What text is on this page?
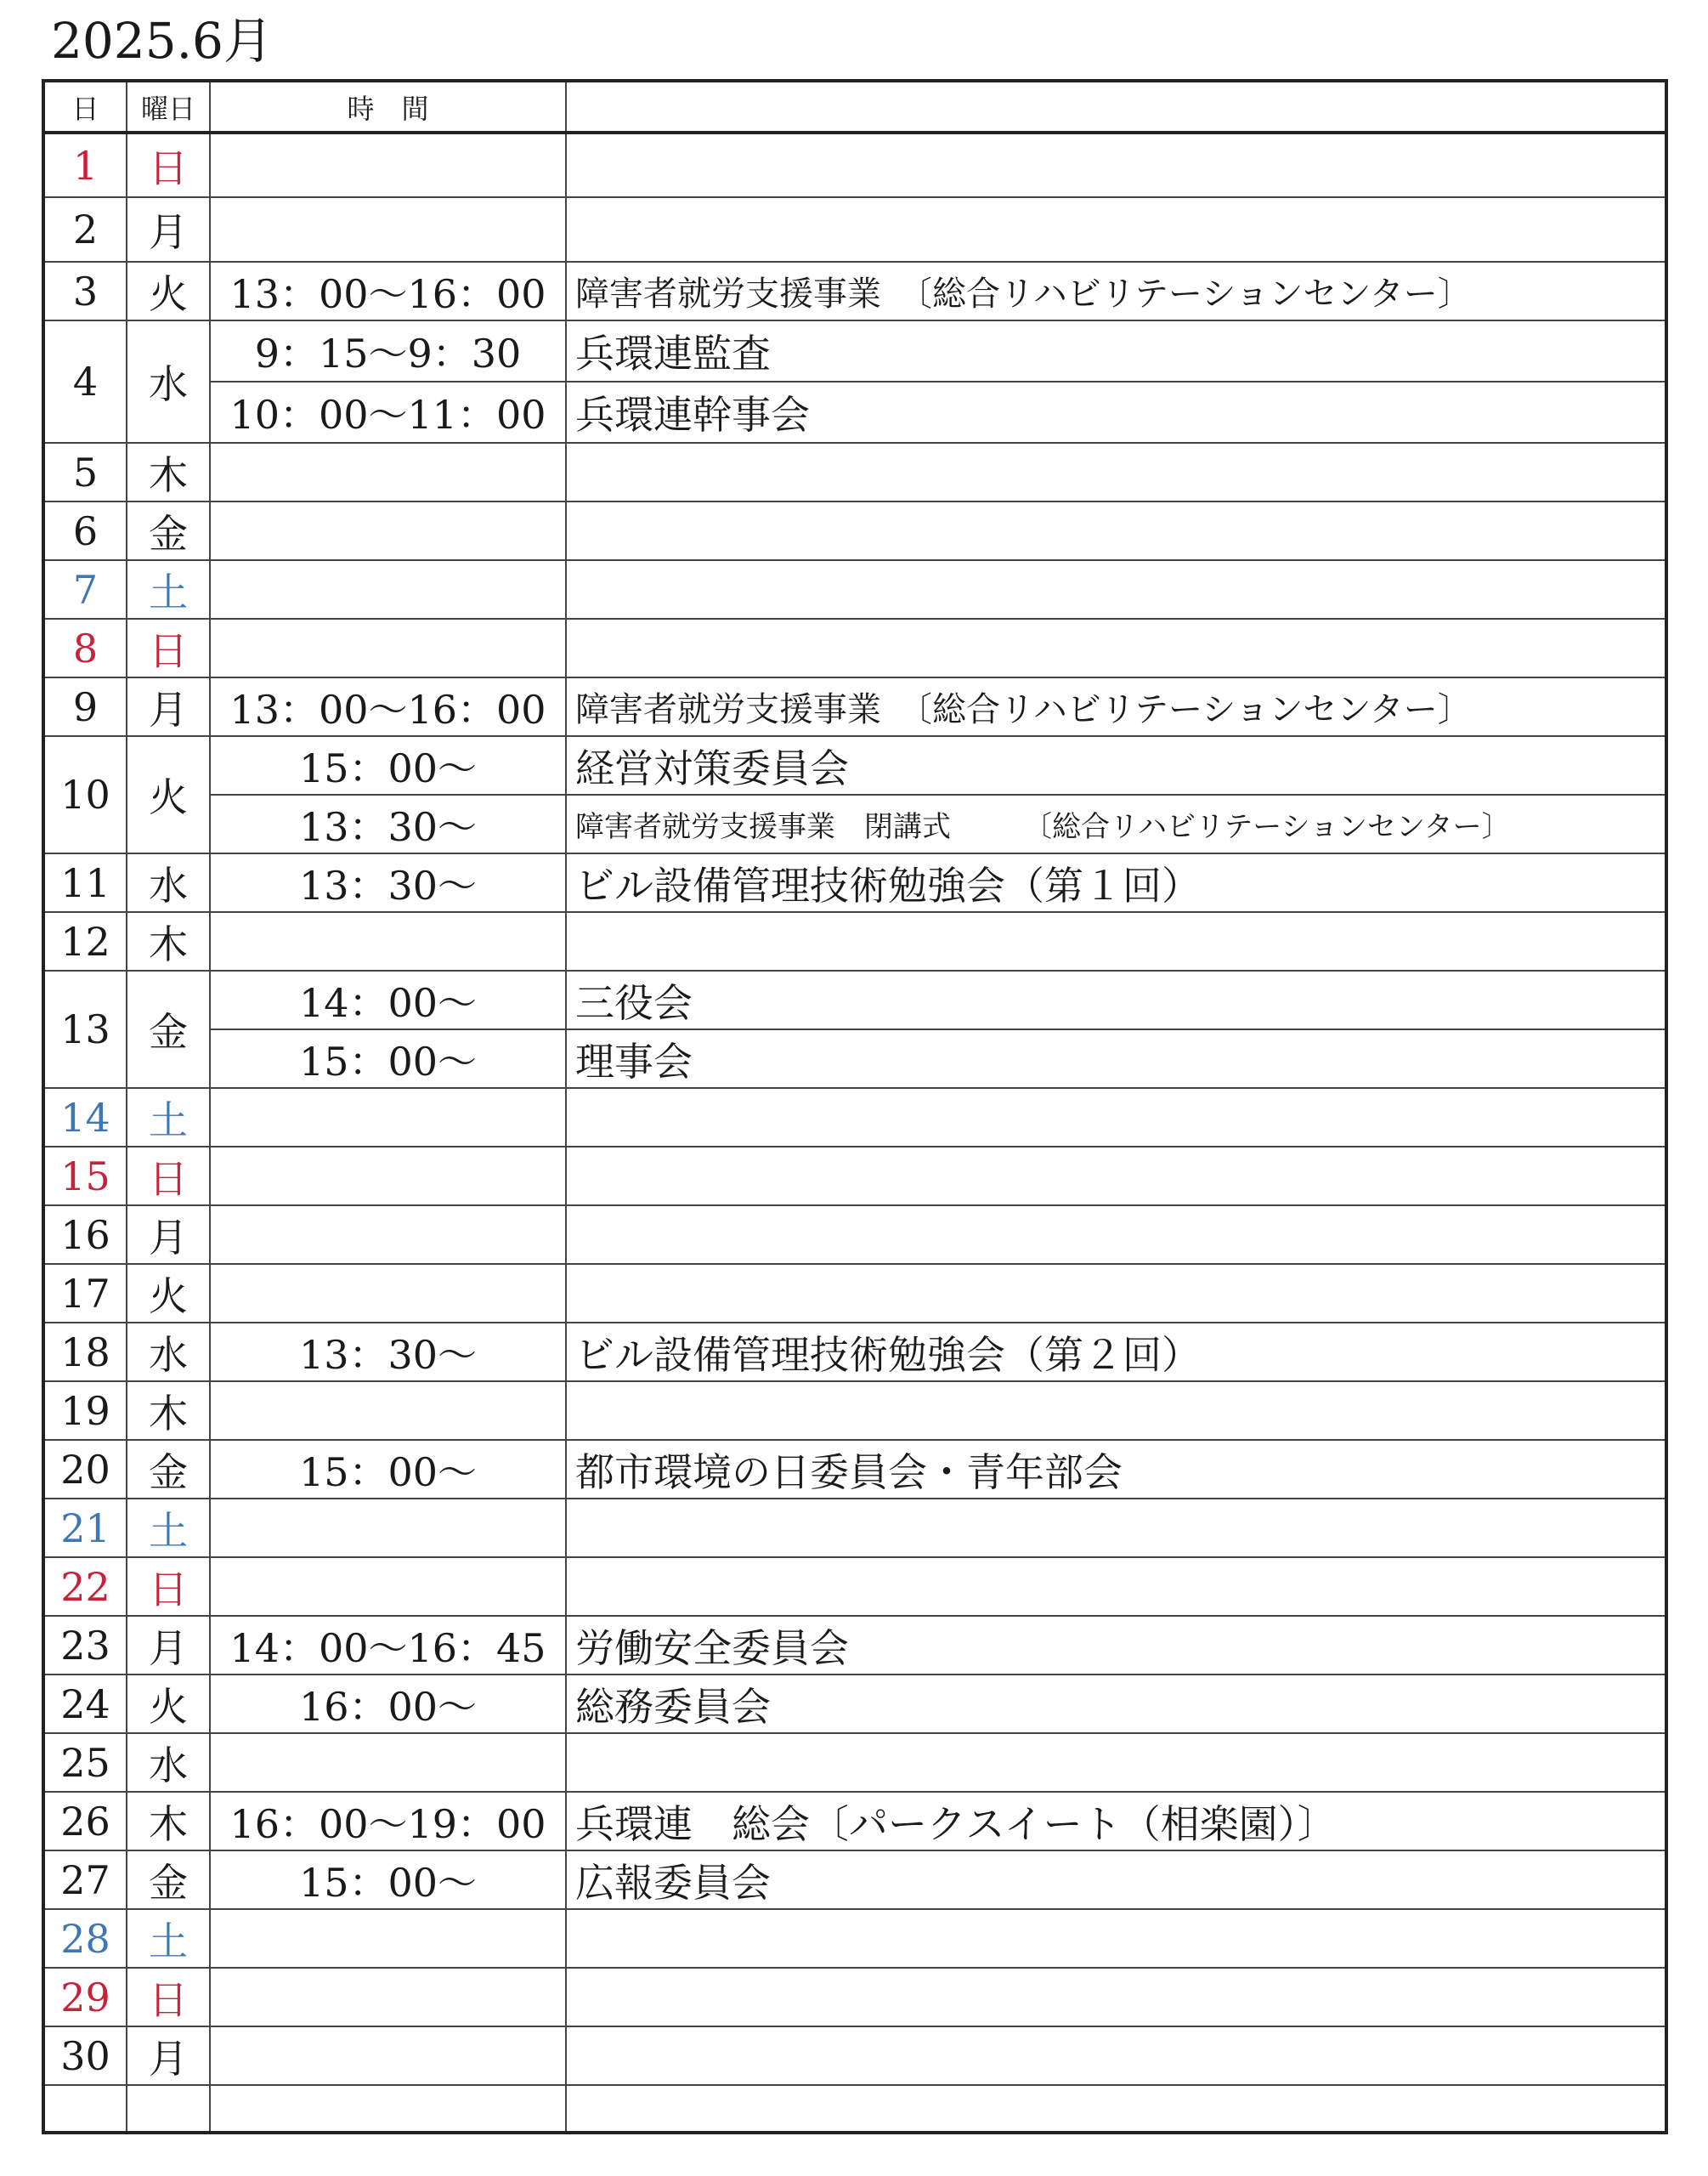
2025.6月
日	曜日	時　間	
1	日		
2	月		
3	火	13：00～16：00	障害者就労支援事業　〔総合リハビリテーションセンター〕
4	水	9：15～9：30	兵環連監査
		10：00～11：00	兵環連幹事会
5	木		
6	金		
7	土		
8	日		
9	月	13：00～16：00	障害者就労支援事業　〔総合リハビリテーションセンター〕
10	火	15：00～	経営対策委員会
		13：30～	障害者就労支援事業　閉講式　　　〔総合リハビリテーションセンター〕
11	水	13：30～	ビル設備管理技術勉強会（第１回）
12	木		
13	金	14：00～	三役会
		15：00～	理事会
14	土		
15	日		
16	月		
17	火		
18	水	13：30～	ビル設備管理技術勉強会（第２回）
19	木		
20	金	15：00～	都市環境の日委員会・青年部会
21	土		
22	日		
23	月	14：00～16：45	労働安全委員会
24	火	16：00～	総務委員会
25	水		
26	木	16：00～19：00	兵環連　総会〔パークスイート（相楽園）〕
27	金	15：00～	広報委員会
28	土		
29	日		
30	月		
